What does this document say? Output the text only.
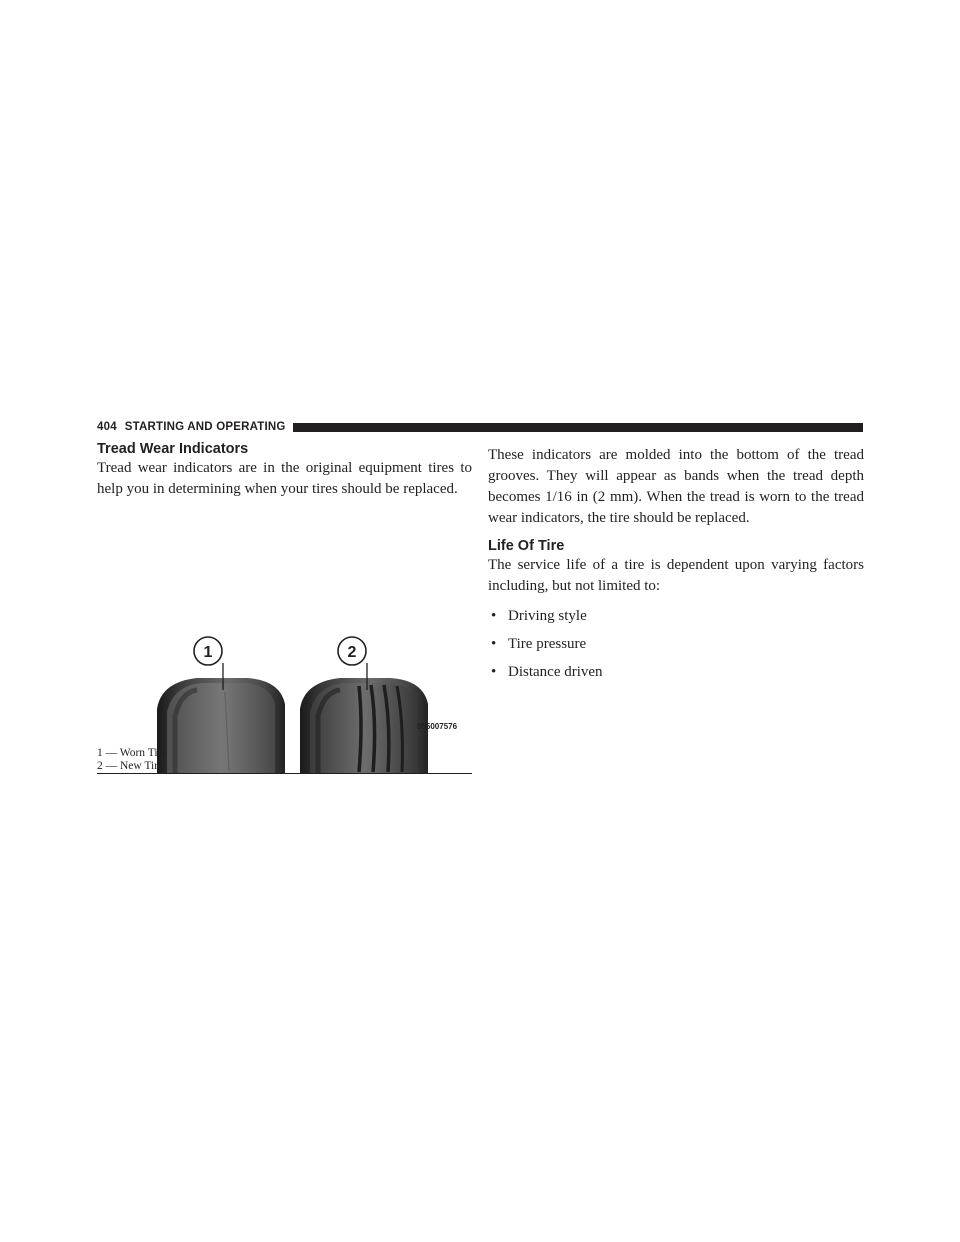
404 STARTING AND OPERATING
Tread Wear Indicators

Tread wear indicators are in the original equipment tires to help you in determining when your tires should be replaced.

1	2
055007576
1 — Worn Tire
2 — New Tire

These indicators are molded into the bottom of the tread grooves. They will appear as bands when the tread depth becomes 1/16 in (2 mm). When the tread is worn to the tread wear indicators, the tire should be replaced.

Life Of Tire

The service life of a tire is dependent upon varying factors including, but not limited to:

• Driving style
• Tire pressure
• Distance driven
